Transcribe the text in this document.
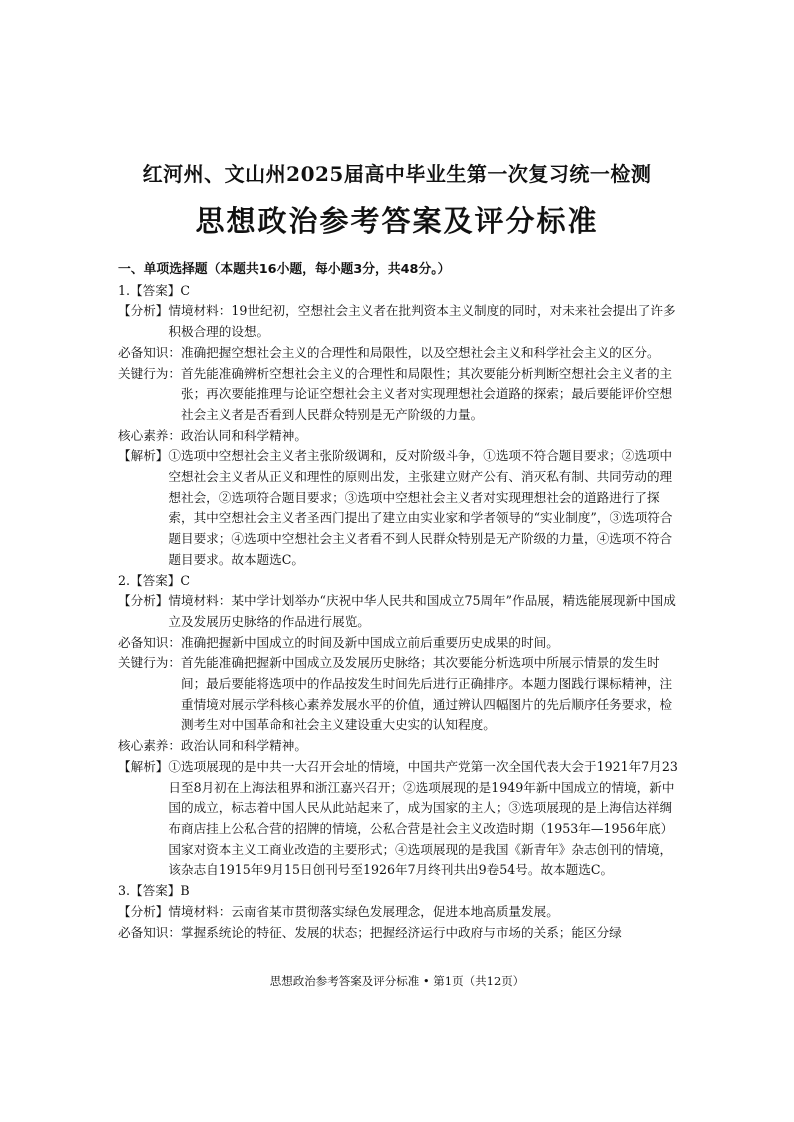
红河州、文山州2025届高中毕业生第一次复习统一检测
思想政治参考答案及评分标准

一、单项选择题（本题共16小题，每小题3分，共48分。）

1.【答案】C

【分析】 情境材料：19世纪初，空想社会主义者在批判资本主义制度的同时，对未来社会提出了许多积极合理的设想。
必备知识： 准确把握空想社会主义的合理性和局限性，以及空想社会主义和科学社会主义的区分。
关键行为： 首先能准确辨析空想社会主义的合理性和局限性；其次要能分析判断空想社会主义者的主张；再次要能推理与论证空想社会主义者对实现理想社会道路的探索；最后要能评价空想社会主义者是否看到人民群众特别是无产阶级的力量。

核心素养：政治认同和科学精神。

【解析】 ①选项中空想社会主义者主张阶级调和，反对阶级斗争，①选项不符合题目要求；②选项中空想社会主义者从正义和理性的原则出发，主张建立财产公有、消灭私有制、共同劳动的理想社会，②选项符合题目要求；③选项中空想社会主义者对实现理想社会的道路进行了探索，其中空想社会主义者圣西门提出了建立由实业家和学者领导的“实业制度”，③选项符合题目要求；④选项中空想社会主义者看不到人民群众特别是无产阶级的力量，④选项不符合题目要求。故本题选C。

2.【答案】C

【分析】 情境材料：某中学计划举办“庆祝中华人民共和国成立75周年”作品展，精选能展现新中国成立及发展历史脉络的作品进行展览。
必备知识： 准确把握新中国成立的时间及新中国成立前后重要历史成果的时间。
关键行为： 首先能准确把握新中国成立及发展历史脉络；其次要能分析选项中所展示情景的发生时间；最后要能将选项中的作品按发生时间先后进行正确排序。本题力图践行课标精神，注重情境对展示学科核心素养发展水平的价值，通过辨认四幅图片的先后顺序任务要求，检测考生对中国革命和社会主义建设重大史实的认知程度。

核心素养：政治认同和科学精神。

【解析】 ①选项展现的是中共一大召开会址的情境，中国共产党第一次全国代表大会于1921年7月23日至8月初在上海法租界和浙江嘉兴召开；②选项展现的是1949年新中国成立的情境，新中国的成立，标志着中国人民从此站起来了，成为国家的主人；③选项展现的是上海信达祥绸布商店挂上公私合营的招牌的情境，公私合营是社会主义改造时期（1953年—1956年底）国家对资本主义工商业改造的主要形式；④选项展现的是我国《新青年》杂志创刊的情境，该杂志自1915年9月15日创刊号至1926年7月终刊共出9卷54号。故本题选C。

3.【答案】B

【分析】 情境材料：云南省某市贯彻落实绿色发展理念，促进本地高质量发展。
必备知识： 掌握系统论的特征、发展的状态；把握经济运行中政府与市场的关系；能区分绿
思想政治参考答案及评分标准 • 第1页（共12页）
